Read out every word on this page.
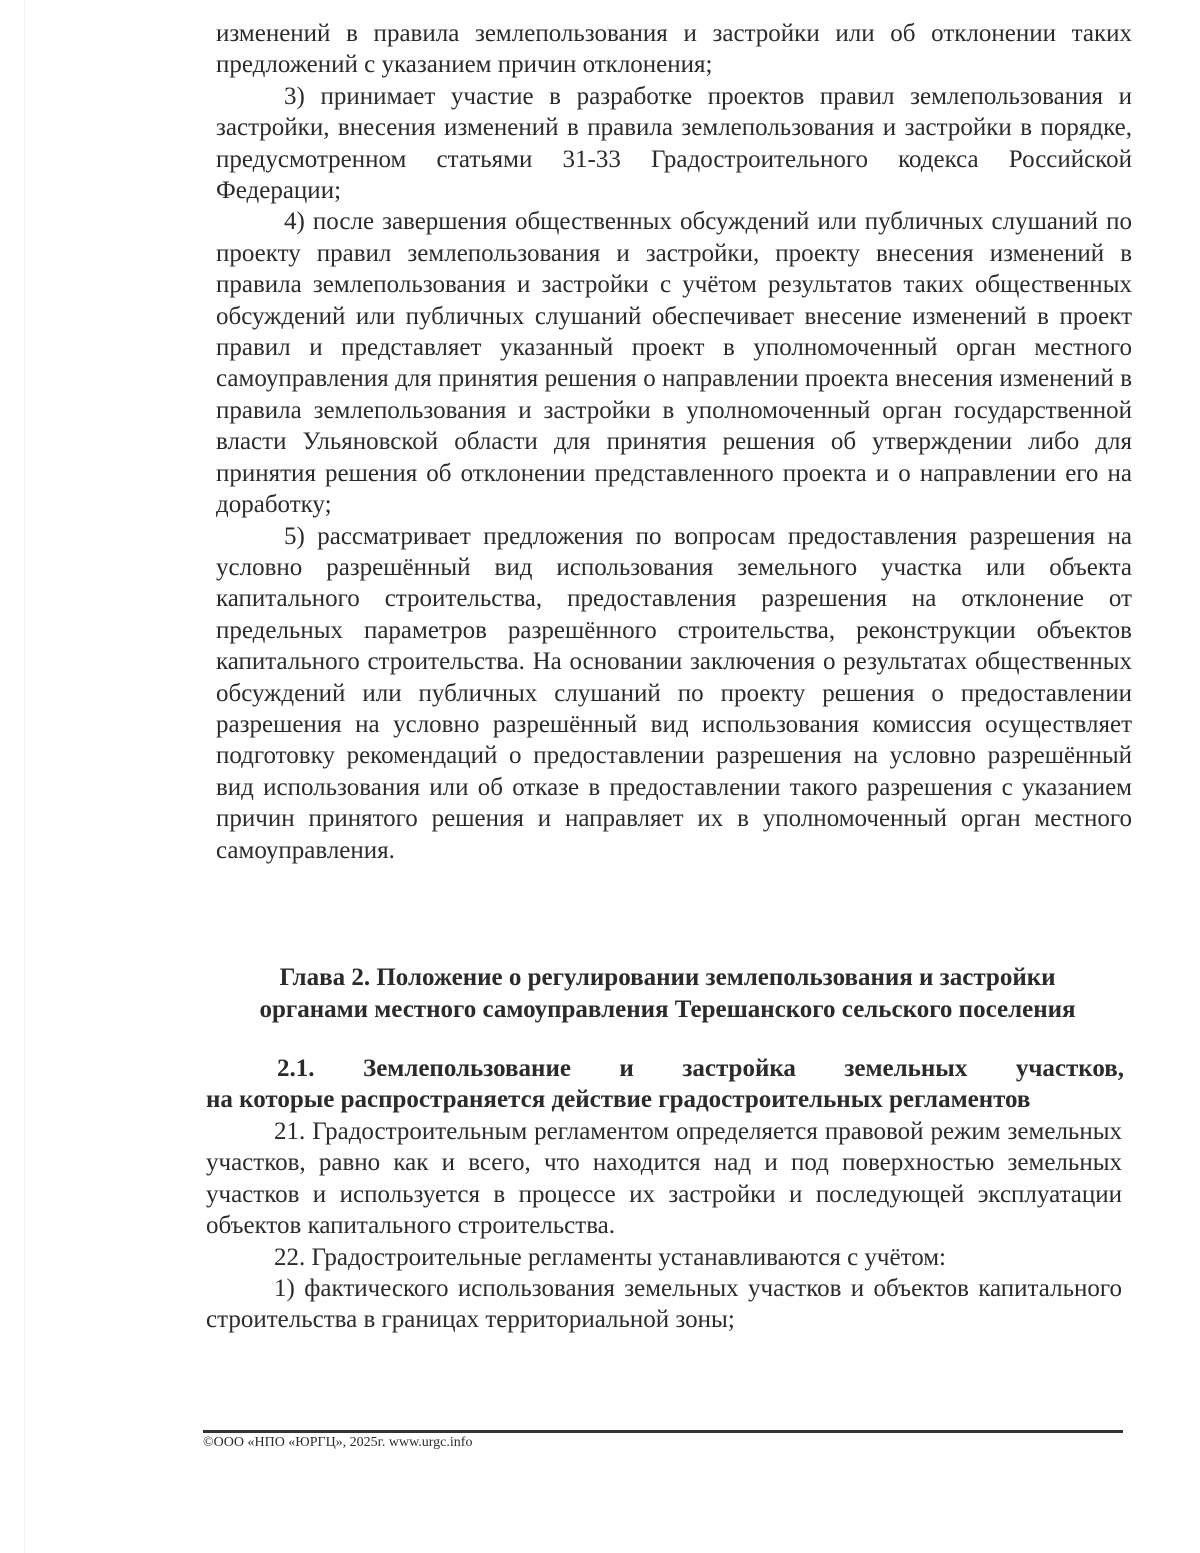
изменений в правила землепользования и застройки или об отклонении таких предложений с указанием причин отклонения;

3) принимает участие в разработке проектов правил землепользования и застройки, внесения изменений в правила землепользования и застройки в порядке, предусмотренном статьями 31-33 Градостроительного кодекса Российской Федерации;

4) после завершения общественных обсуждений или публичных слушаний по проекту правил землепользования и застройки, проекту внесения изменений в правила землепользования и застройки с учётом результатов таких общественных обсуждений или публичных слушаний обеспечивает внесение изменений в проект правил и представляет указанный проект в уполномоченный орган местного самоуправления для принятия решения о направлении проекта внесения изменений в правила землепользования и застройки в уполномоченный орган государственной власти Ульяновской области для принятия решения об утверждении либо для принятия решения об отклонении представленного проекта и о направлении его на доработку;

5) рассматривает предложения по вопросам предоставления разрешения на условно разрешённый вид использования земельного участка или объекта капитального строительства, предоставления разрешения на отклонение от предельных параметров разрешённого строительства, реконструкции объектов капитального строительства. На основании заключения о результатах общественных обсуждений или публичных слушаний по проекту решения о предоставлении разрешения на условно разрешённый вид использования комиссия осуществляет подготовку рекомендаций о предоставлении разрешения на условно разрешённый вид использования или об отказе в предоставлении такого разрешения с указанием причин принятого решения и направляет их в уполномоченный орган местного самоуправления.

Глава 2. Положение о регулировании землепользования и застройки
органами местного самоуправления Терешанского сельского поселения
2.1. Землепользование и застройка земельных участков,
на которые распространяется действие градостроительных регламентов

21. Градостроительным регламентом определяется правовой режим земельных участков, равно как и всего, что находится над и под поверхностью земельных участков и используется в процессе их застройки и последующей эксплуатации объектов капитального строительства.

22. Градостроительные регламенты устанавливаются с учётом:

1) фактического использования земельных участков и объектов капитального строительства в границах территориальной зоны;

©ООО «НПО «ЮРГЦ», 2025г. www.urgc.info
